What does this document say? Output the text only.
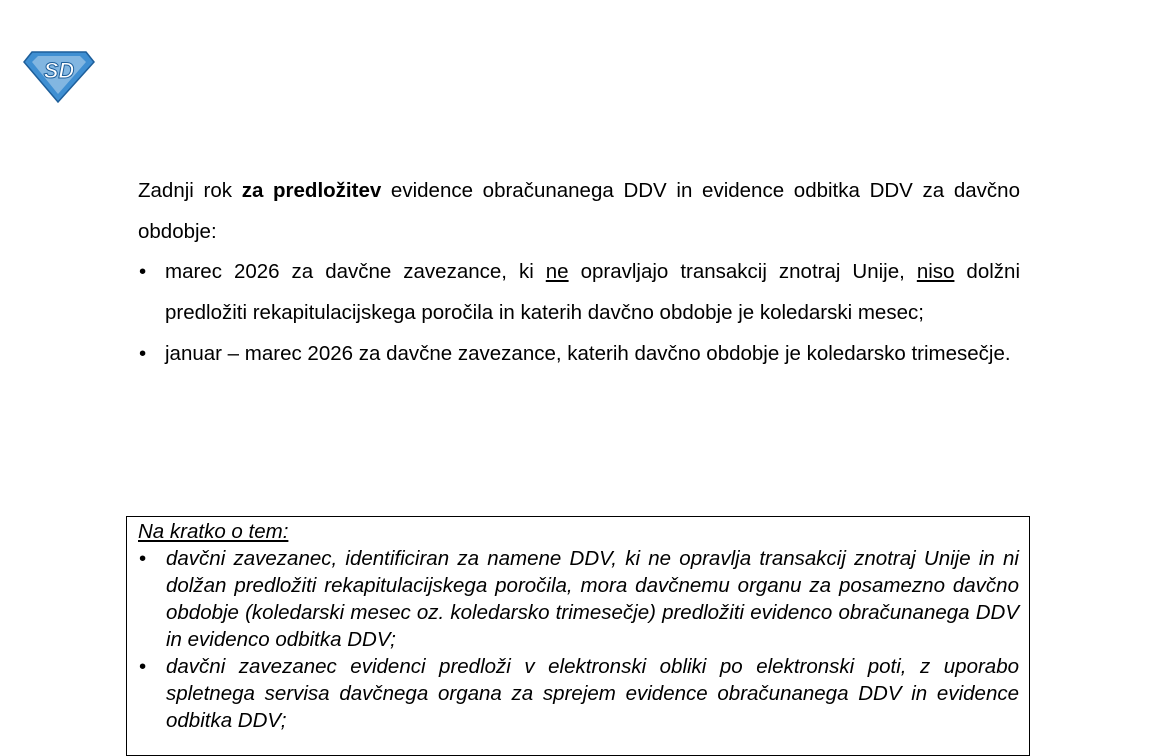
SD

Zadnji rok za predložitev evidence obračunanega DDV in evidence odbitka DDV za davčno obdobje:

• marec 2026 za davčne zavezance, ki ne opravljajo transakcij znotraj Unije, niso dolžni predložiti rekapitulacijskega poročila in katerih davčno obdobje je koledarski mesec;
• januar – marec 2026 za davčne zavezance, katerih davčno obdobje je koledarsko trimesečje.

Na kratko o tem:

• davčni zavezanec, identificiran za namene DDV, ki ne opravlja transakcij znotraj Unije in ni dolžan predložiti rekapitulacijskega poročila, mora davčnemu organu za posamezno davčno obdobje (koledarski mesec oz. koledarsko trimesečje) predložiti evidenco obračunanega DDV in evidenco odbitka DDV;
• davčni zavezanec evidenci predloži v elektronski obliki po elektronski poti, z uporabo spletnega servisa davčnega organa za sprejem evidence obračunanega DDV in evidence odbitka DDV;
